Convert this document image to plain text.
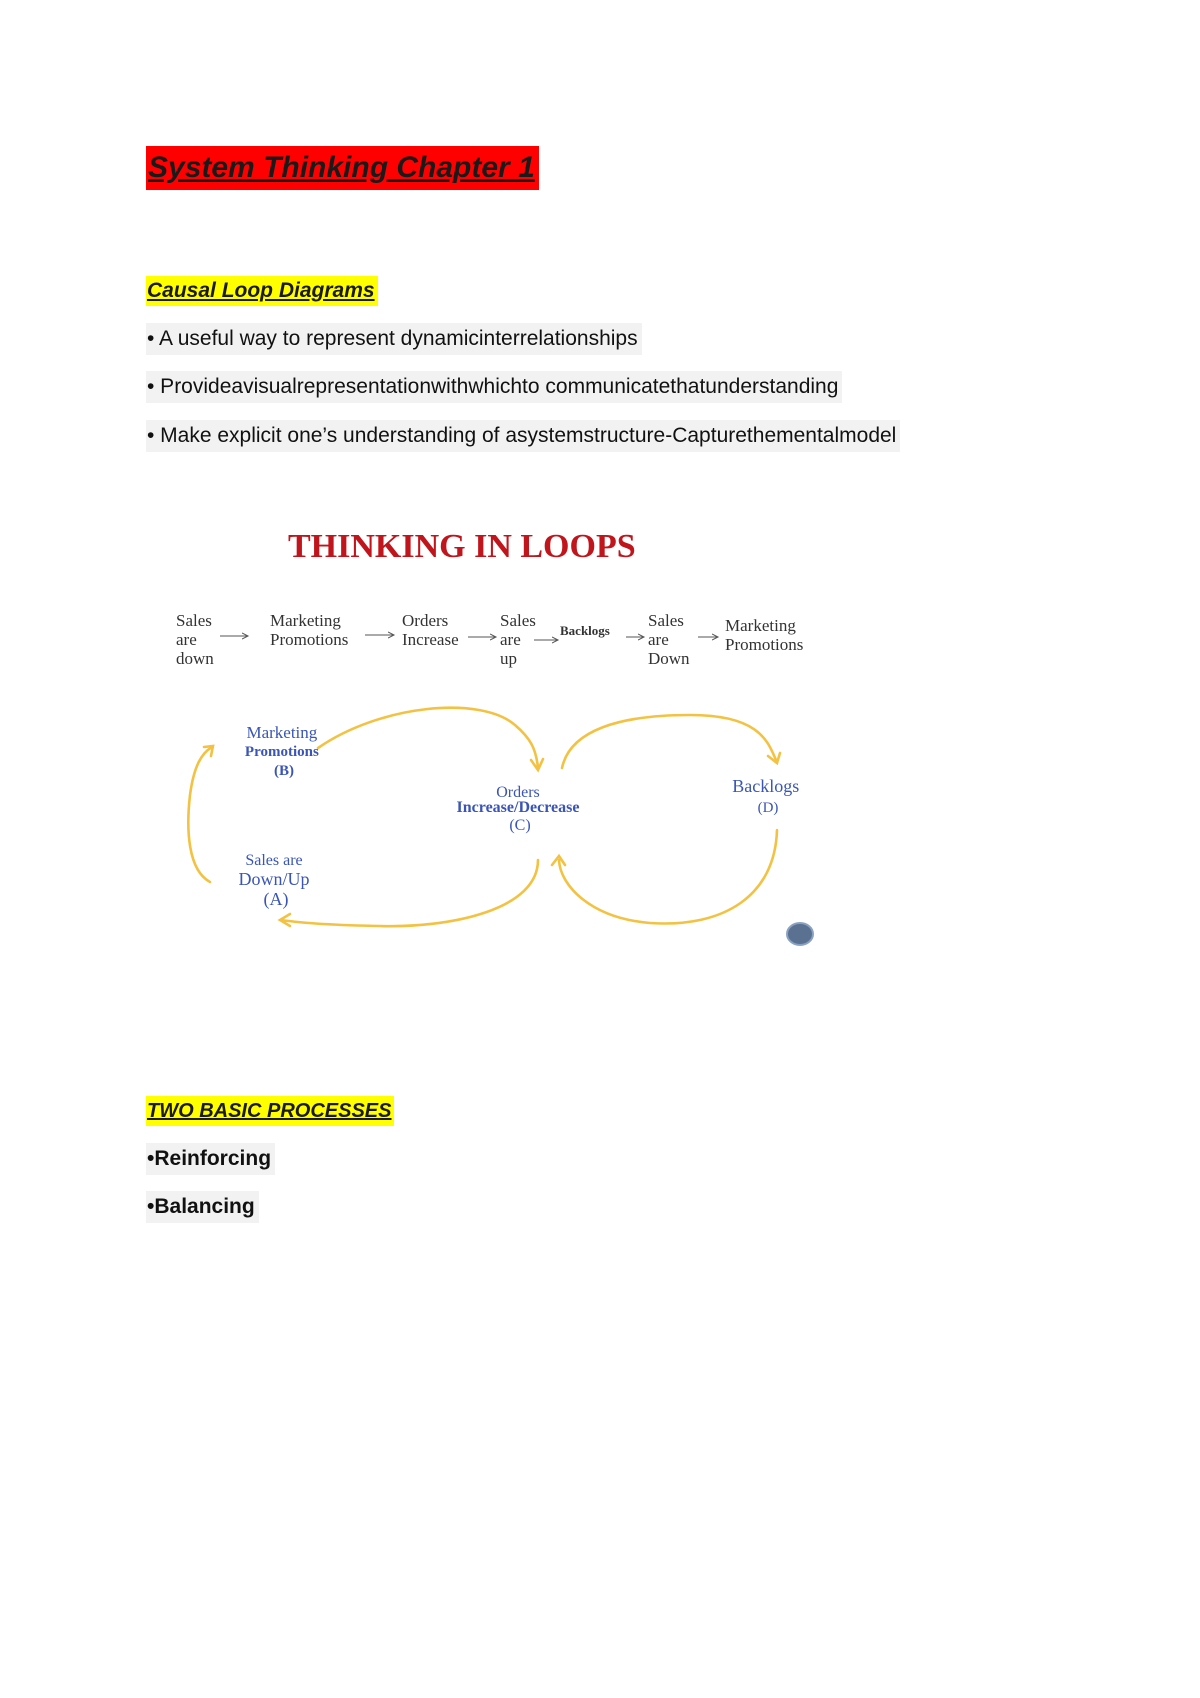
System Thinking Chapter 1
Causal Loop Diagrams
• A useful way to represent dynamicinterrelationships
• Provideavisualrepresentationwithwhichto communicatethatunderstanding
• Make explicit one’s understanding of asystemstructure-Capturethementalmodel
THINKING IN LOOPS
Sales are down
Marketing Promotions
Orders Increase
Sales are up
Backlogs
Sales are Down
Marketing Promotions
Marketing Promotions (B)
Orders Increase/Decrease (C)
Backlogs (D)
Sales are Down/Up (A)
TWO BASIC PROCESSES
•Reinforcing
•Balancing
